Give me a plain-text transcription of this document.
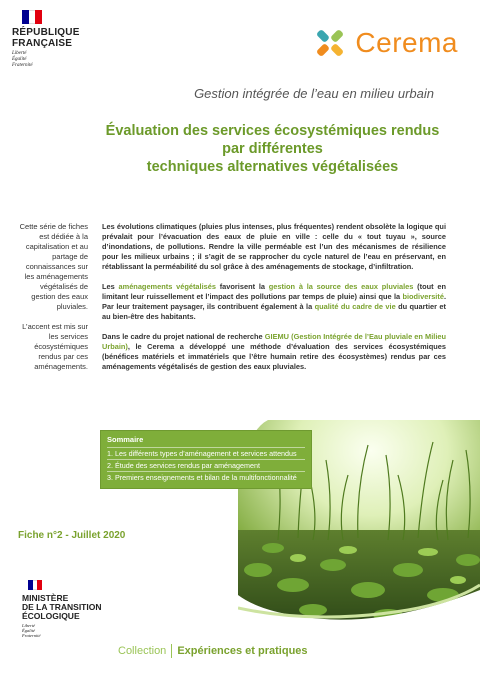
RÉPUBLIQUE
FRANÇAISE
Liberté
Égalité
Fraternité
Cerema
Gestion intégrée de l’eau en milieu urbain
Évaluation des services écosystémiques rendus par différentes
techniques alternatives végétalisées

Cette série de fiches est dédiée à la capitalisation et au partage de connaissances sur les aménagements végétalisés de gestion des eaux pluviales.

L’accent est mis sur les services écosystémiques rendus par ces aménagements.

Les évolutions climatiques (pluies plus intenses, plus fréquentes) rendent obsolète la logique qui prévalait pour l’évacuation des eaux de pluie en ville : celle du « tout tuyau », source d’inondations, de pollutions. Rendre la ville perméable est l’un des mécanismes de résilience pour les milieux urbains ; il s’agit de se rapprocher du cycle naturel de l’eau en préservant, en rétablissant la perméabilité du sol grâce à des aménagements de stockage, d’infiltration.

Les aménagements végétalisés favorisent la gestion à la source des eaux pluviales (tout en limitant leur ruissellement et l’impact des pollutions par temps de pluie) ainsi que la biodiversité. Par leur traitement paysager, ils contribuent également à la qualité du cadre de vie du quartier et au bien-être des habitants.

Dans le cadre du projet national de recherche GIEMU (Gestion Intégrée de l’Eau pluviale en Milieu Urbain), le Cerema a développé une méthode d’évaluation des services écosystémiques (bénéfices matériels et immatériels que l’être humain retire des écosystèmes) rendus par ces aménagements végétalisés de gestion des eaux pluviales.

Sommaire
1. Les différents types d’aménagement et services attendus
2. Étude des services rendus par aménagement
3. Premiers enseignements et bilan de la multifonctionnalité
Fiche n°2 - Juillet 2020
MINISTÈRE
DE LA TRANSITION
ÉCOLOGIQUE
Liberté
Égalité
Fraternité
Collection Expériences et pratiques
